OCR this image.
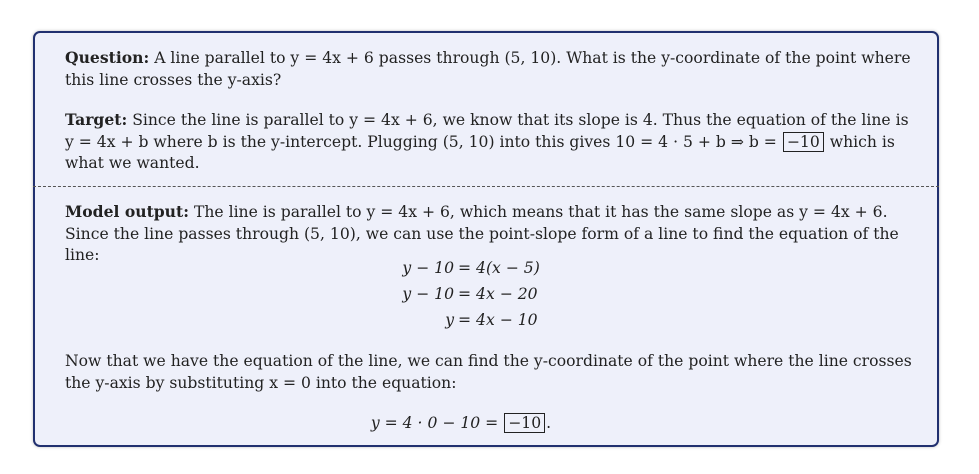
Question: A line parallel to y = 4x + 6 passes through (5, 10). What is the y-coordinate of the point where this line crosses the y-axis?
Target: Since the line is parallel to y = 4x + 6, we know that its slope is 4. Thus the equation of the line is y = 4x + b where b is the y-intercept. Plugging (5, 10) into this gives 10 = 4 · 5 + b ⇒ b = −10 which is what we wanted.
Model output: The line is parallel to y = 4x + 6, which means that it has the same slope as y = 4x + 6. Since the line passes through (5, 10), we can use the point-slope form of a line to find the equation of the line:
y − 10 = 4(x − 5)
y − 10 = 4x − 20
y = 4x − 10
Now that we have the equation of the line, we can find the y-coordinate of the point where the line crosses the y-axis by substituting x = 0 into the equation:
y = 4 · 0 − 10 = −10 .
